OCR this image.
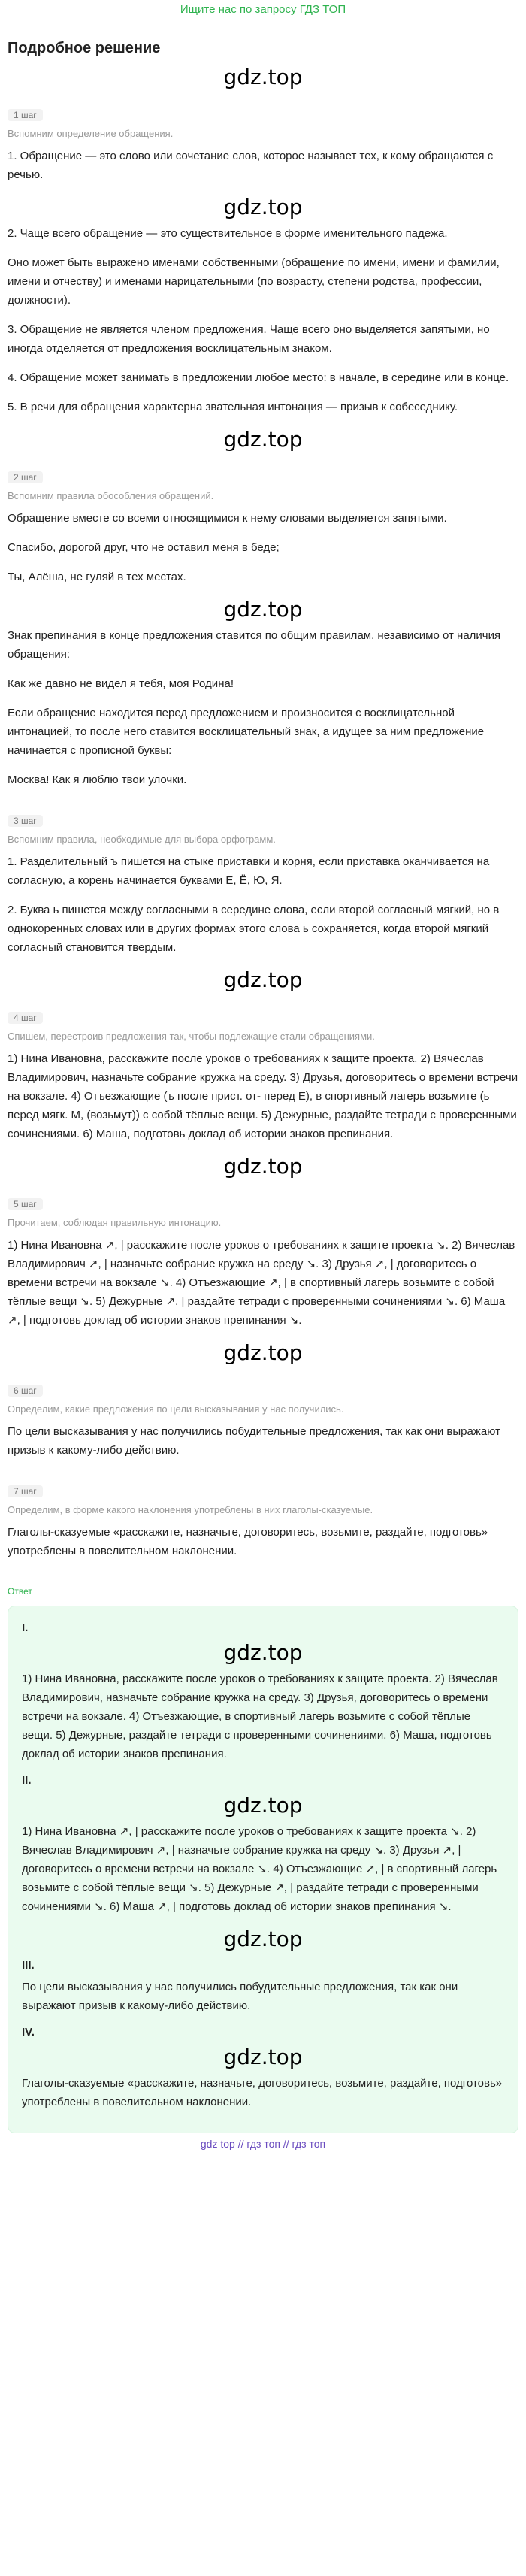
Ищите нас по запросу ГДЗ ТОП
Подробное решение
gdz.top
1 шаг
Вспомним определение обращения.

1. Обращение — это слово или сочетание слов, которое называет тех, к кому обращаются с речью.

gdz.top

2. Чаще всего обращение — это существительное в форме именительного падежа.

Оно может быть выражено именами собственными (обращение по имени, имени и фамилии, имени и отчеству) и именами нарицательными (по возрасту, степени родства, профессии, должности).

3. Обращение не является членом предложения. Чаще всего оно выделяется запятыми, но иногда отделяется от предложения восклицательным знаком.

4. Обращение может занимать в предложении любое место: в начале, в середине или в конце.

5. В речи для обращения характерна звательная интонация — призыв к собеседнику.

gdz.top
2 шаг
Вспомним правила обособления обращений.

Обращение вместе со всеми относящимися к нему словами выделяется запятыми.

Спасибо, дорогой друг, что не оставил меня в беде;

Ты, Алёша, не гуляй в тех местах.

gdz.top

Знак препинания в конце предложения ставится по общим правилам, независимо от наличия обращения:

Как же давно не видел я тебя, моя Родина!

Если обращение находится перед предложением и произносится с восклицательной интонацией, то после него ставится восклицательный знак, а идущее за ним предложение начинается с прописной буквы:

Москва! Как я люблю твои улочки.

3 шаг
Вспомним правила, необходимые для выбора орфограмм.

1. Разделительный ъ пишется на стыке приставки и корня, если приставка оканчивается на согласную, а корень начинается буквами Е, Ё, Ю, Я.

2. Буква ь пишется между согласными в середине слова, если второй согласный мягкий, но в однокоренных словах или в других формах этого слова ь сохраняется, когда второй мягкий согласный становится твердым.

gdz.top
4 шаг
Спишем, перестроив предложения так, чтобы подлежащие стали обращениями.

1) Нина Ивановна, расскажите после уроков о требованиях к защите проекта. 2) Вячеслав Владимирович, назначьте собрание кружка на среду. 3) Друзья, договоритесь о времени встречи на вокзале. 4) Отъезжающие (ъ после прист. от- перед Е), в спортивный лагерь возьмите (ь перед мягк. М, (возьмут)) с собой тёплые вещи. 5) Дежурные, раздайте тетради с проверенными сочинениями. 6) Маша, подготовь доклад об истории знаков препинания.

gdz.top
5 шаг
Прочитаем, соблюдая правильную интонацию.

1) Нина Ивановна ↗, | расскажите после уроков о требованиях к защите проекта ↘. 2) Вячеслав Владимирович ↗, | назначьте собрание кружка на среду ↘. 3) Друзья ↗, | договоритесь о времени встречи на вокзале ↘. 4) Отъезжающие ↗, | в спортивный лагерь возьмите с собой тёплые вещи ↘. 5) Дежурные ↗, | раздайте тетради с проверенными сочинениями ↘. 6) Маша ↗, | подготовь доклад об истории знаков препинания ↘.

gdz.top
6 шаг
Определим, какие предложения по цели высказывания у нас получились.

По цели высказывания у нас получились побудительные предложения, так как они выражают призыв к какому-либо действию.

7 шаг
Определим, в форме какого наклонения употреблены в них глаголы-сказуемые.

Глаголы-сказуемые «расскажите, назначьте, договоритесь, возьмите, раздайте, подготовь» употреблены в повелительном наклонении.

Ответ
I.
gdz.top

1) Нина Ивановна, расскажите после уроков о требованиях к защите проекта. 2) Вячеслав Владимирович, назначьте собрание кружка на среду. 3) Друзья, договоритесь о времени встречи на вокзале. 4) Отъезжающие, в спортивный лагерь возьмите с собой тёплые вещи. 5) Дежурные, раздайте тетради с проверенными сочинениями. 6) Маша, подготовь доклад об истории знаков препинания.

II.
gdz.top

1) Нина Ивановна ↗, | расскажите после уроков о требованиях к защите проекта ↘. 2) Вячеслав Владимирович ↗, | назначьте собрание кружка на среду ↘. 3) Друзья ↗, | договоритесь о времени встречи на вокзале ↘. 4) Отъезжающие ↗, | в спортивный лагерь возьмите с собой тёплые вещи ↘. 5) Дежурные ↗, | раздайте тетради с проверенными сочинениями ↘. 6) Маша ↗, | подготовь доклад об истории знаков препинания ↘.

gdz.top
III.

По цели высказывания у нас получились побудительные предложения, так как они выражают призыв к какому-либо действию.

IV.
gdz.top

Глаголы-сказуемые «расскажите, назначьте, договоритесь, возьмите, раздайте, подготовь» употреблены в повелительном наклонении.

gdz top // гдз топ // гдз топ
